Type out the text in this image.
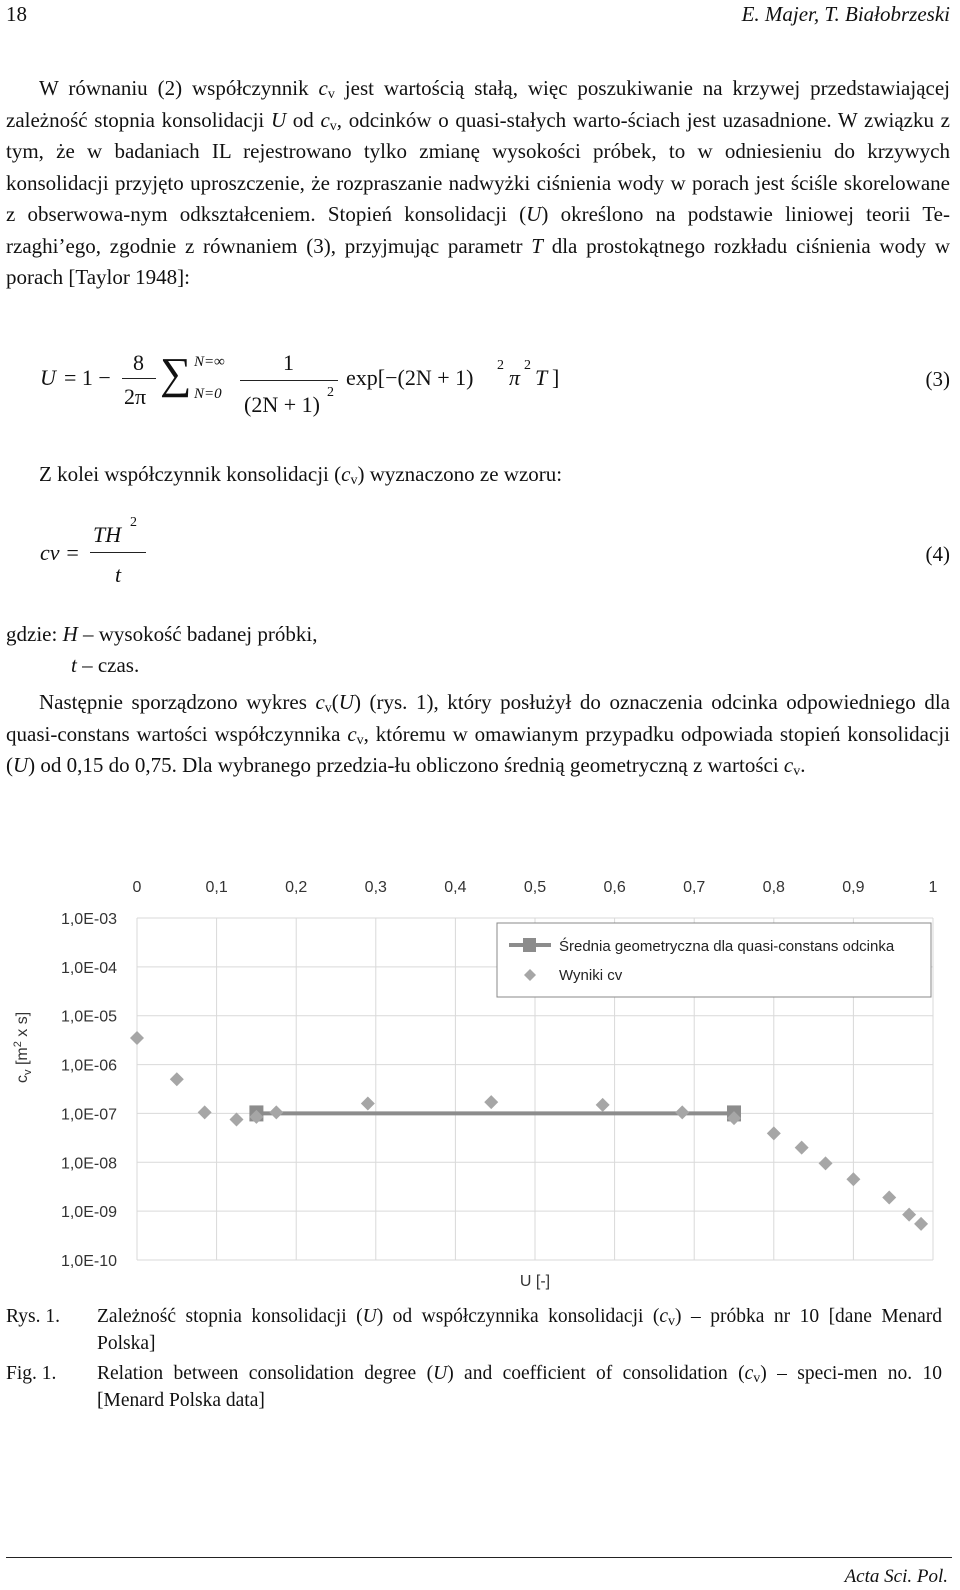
18	E. Majer, T. Białobrzeski

W równaniu (2) współczynnik $c_v$ jest wartością stałą, więc poszukiwanie na krzywej przedstawiającej zależność stopnia konsolidacji U od $c_v$, odcinków o quasi-stałych warto-ściach jest uzasadnione. W związku z tym, że w badaniach IL rejestrowano tylko zmianę wysokości próbek, to w odniesieniu do krzywych konsolidacji przyjęto uproszczenie, że rozpraszanie nadwyżki ciśnienia wody w porach jest ściśle skorelowane z obserwowa-nym odkształceniem. Stopień konsolidacji (U) określono na podstawie liniowej teorii Te-rzaghi’ego, zgodnie z równaniem (3), przyjmując parametr T dla prostokątnego rozkładu ciśnienia wody w porach [Taylor 1948]:

U = 1 −
8
2π ∑ N=∞
N=0
1
(2N + 1) 2
exp[−(2N + 1) 2 π 2 T ]	(3)

Z kolei współczynnik konsolidacji $(c_v)$ wyznaczono ze wzoru:

cv =
TH 2
t
(4)
gdzie: H – wysokość badanej próbki,
t – czas.

Następnie sporządzono wykres $c_v(U)$ (rys. 1), który posłużył do oznaczenia odcinka odpowiedniego dla quasi-constans wartości współczynnika $c_v$, któremu w omawianym przypadku odpowiada stopień konsolidacji (U) od 0,15 do 0,75. Dla wybranego przedzia-łu obliczono średnią geometryczną z wartości $c_v$.

0	0,1	0,2	0,3	0,4	0,5	0,6	0,7	0,8	0,9	1
1,0E-03
1,0E-04
1,0E-05
1,0E-06
1,0E-07
1,0E-08
1,0E-09
1,0E-10
Średnia geometryczna dla quasi-constans odcinka
Wyniki cv
U [-]
$c_v$ [$m^2$ x s]
Rys. 1. Zależność stopnia konsolidacji (U) od współczynnika konsolidacji $(c_v)$ – próbka nr 10 [dane Menard Polska]
Fig. 1. Relation between consolidation degree (U) and coefficient of consolidation $(c_v)$ – speci-men no. 10 [Menard Polska data]
Acta Sci. Pol.
